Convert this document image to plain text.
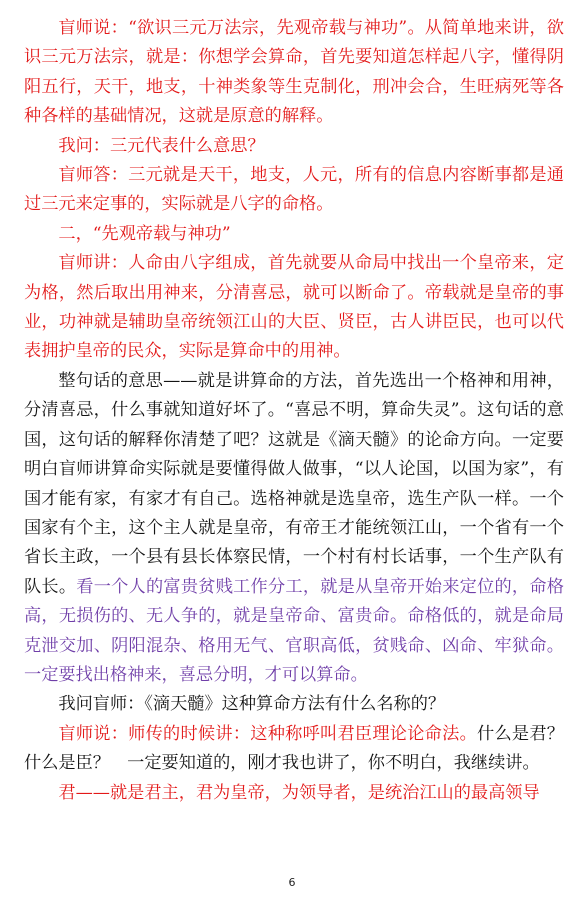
盲师说：“欲识三元万法宗，先观帝载与神功”。从简单地来讲，欲识三元万法宗，就是：你想学会算命，首先要知道怎样起八字，懂得阴阳五行，天干，地支，十神类象等生克制化，刑冲会合，生旺病死等各种各样的基础情况，这就是原意的解释。

我问：三元代表什么意思？

盲师答：三元就是天干，地支，人元，所有的信息内容断事都是通过三元来定事的，实际就是八字的命格。

二，“先观帝载与神功”

盲师讲：人命由八字组成，首先就要从命局中找出一个皇帝来，定为格，然后取出用神来，分清喜忌，就可以断命了。帝载就是皇帝的事业，功神就是辅助皇帝统领江山的大臣、贤臣，古人讲臣民，也可以代表拥护皇帝的民众，实际是算命中的用神。

整句话的意思——就是讲算命的方法，首先选出一个格神和用神，分清喜忌，什么事就知道好坏了。“喜忌不明，算命失灵”。这句话的意国，这句话的解释你清楚了吧？这就是《滴天髓》的论命方向。一定要明白盲师讲算命实际就是要懂得做人做事，“以人论国，以国为家”，有国才能有家，有家才有自己。选格神就是选皇帝，选生产队一样。一个国家有个主，这个主人就是皇帝，有帝王才能统领江山，一个省有一个省长主政，一个县有县长体察民情，一个村有村长话事，一个生产队有队长。看一个人的富贵贫贱工作分工，就是从皇帝开始来定位的，命格高，无损伤的、无人争的，就是皇帝命、富贵命。命格低的，就是命局克泄交加、阴阳混杂、格用无气、官职高低，贫贱命、凶命、牢狱命。一定要找出格神来，喜忌分明，才可以算命。

我问盲师：《滴天髓》这种算命方法有什么名称的？

盲师说：师传的时候讲：这种称呼叫君臣理论论命法。什么是君？什么是臣？　一定要知道的，刚才我也讲了，你不明白，我继续讲。

君——就是君主，君为皇帝，为领导者，是统治江山的最高领导

6
